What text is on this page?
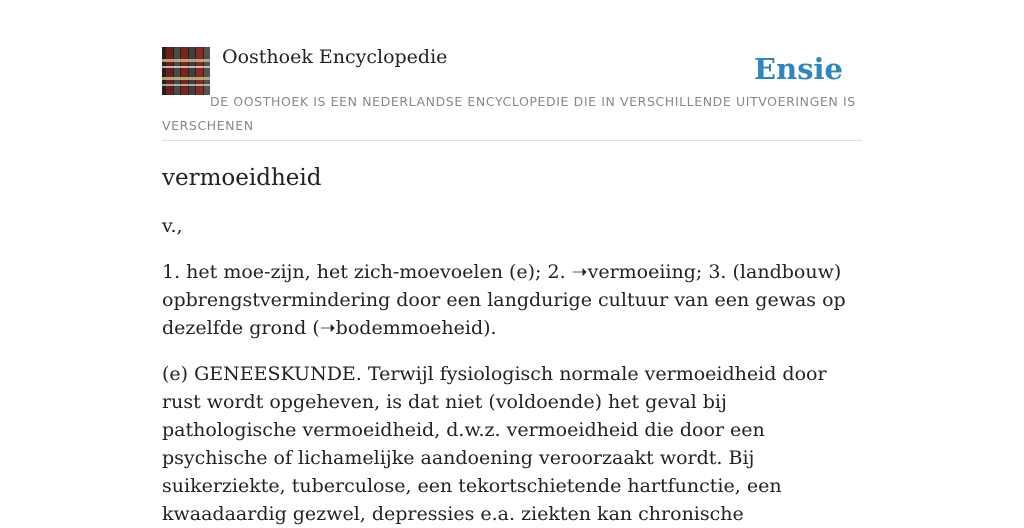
Oosthoek Encyclopedie	Ensie
DE OOSTHOEK IS EEN NEDERLANDSE ENCYCLOPEDIE DIE IN VERSCHILLENDE UITVOERINGEN IS VERSCHENEN
vermoeidheid

v.,

1. het moe-zijn, het zich-moevoelen (e); 2. ➝vermoeiing; 3. (landbouw) opbrengstvermindering door een langdurige cultuur van een gewas op dezelfde grond (➝bodemmoeheid).

(e) GENEESKUNDE. Terwijl fysiologisch normale vermoeidheid door rust wordt opgeheven, is dat niet (voldoende) het geval bij pathologische vermoeidheid, d.w.z. vermoeidheid die door een psychische of lichamelijke aandoening veroorzaakt wordt. Bij suikerziekte, tuberculose, een tekortschietende hartfunctie, een kwaadaardig gezwel, depressies e.a. ziekten kan chronische
